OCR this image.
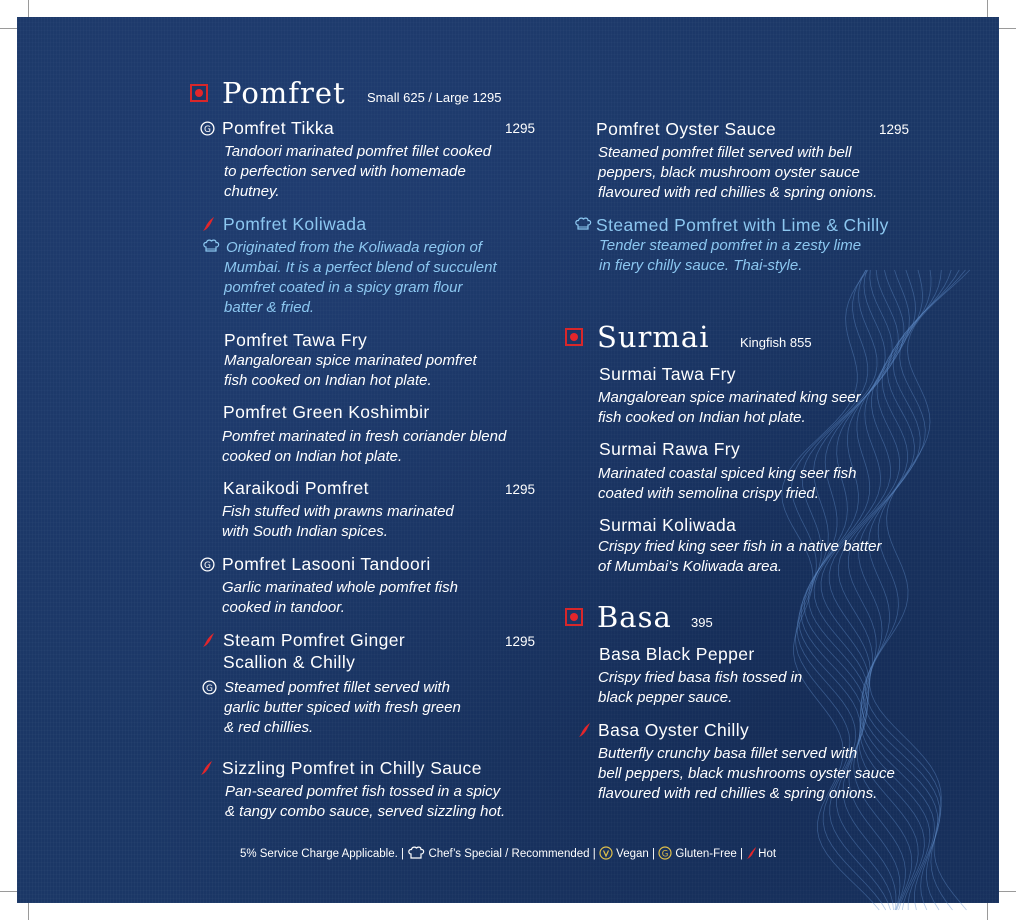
Pomfret Small 625 / Large 1295
G Pomfret Tikka	1295

Tandoori marinated pomfret fillet cooked
to perfection served with homemade
chutney.

Pomfret Koliwada

Originated from the Koliwada region of
Mumbai. It is a perfect blend of succulent
pomfret coated in a spicy gram flour
batter & fried.

Pomfret Tawa Fry

Mangalorean spice marinated pomfret
fish cooked on Indian hot plate.

Pomfret Green Koshimbir

Pomfret marinated in fresh coriander blend
cooked on Indian hot plate.

Karaikodi Pomfret	1295

Fish stuffed with prawns marinated
with South Indian spices.

G Pomfret Lasooni Tandoori

Garlic marinated whole pomfret fish
cooked in tandoor.

Steam Pomfret Ginger
Scallion & Chilly
1295
G Steamed pomfret fillet served with
garlic butter spiced with fresh green
& red chillies.

Sizzling Pomfret in Chilly Sauce

Pan-seared pomfret fish tossed in a spicy
& tangy combo sauce, served sizzling hot.

Pomfret Oyster Sauce	1295

Steamed pomfret fillet served with bell
peppers, black mushroom oyster sauce
flavoured with red chillies & spring onions.

Steamed Pomfret with Lime & Chilly

Tender steamed pomfret in a zesty lime
in fiery chilly sauce. Thai-style.

Surmai Kingfish 855
Surmai Tawa Fry

Mangalorean spice marinated king seer
fish cooked on Indian hot plate.

Surmai Rawa Fry

Marinated coastal spiced king seer fish
coated with semolina crispy fried.

Surmai Koliwada

Crispy fried king seer fish in a native batter
of Mumbai’s Koliwada area.

Basa 395
Basa Black Pepper

Crispy fried basa fish tossed in
black pepper sauce.

Basa Oyster Chilly

Butterfly crunchy basa fillet served with
bell peppers, black mushrooms oyster sauce
flavoured with red chillies & spring onions.

5% Service Charge Applicable. | Chef’s Special / Recommended | Vegan | G Gluten-Free | Hot
